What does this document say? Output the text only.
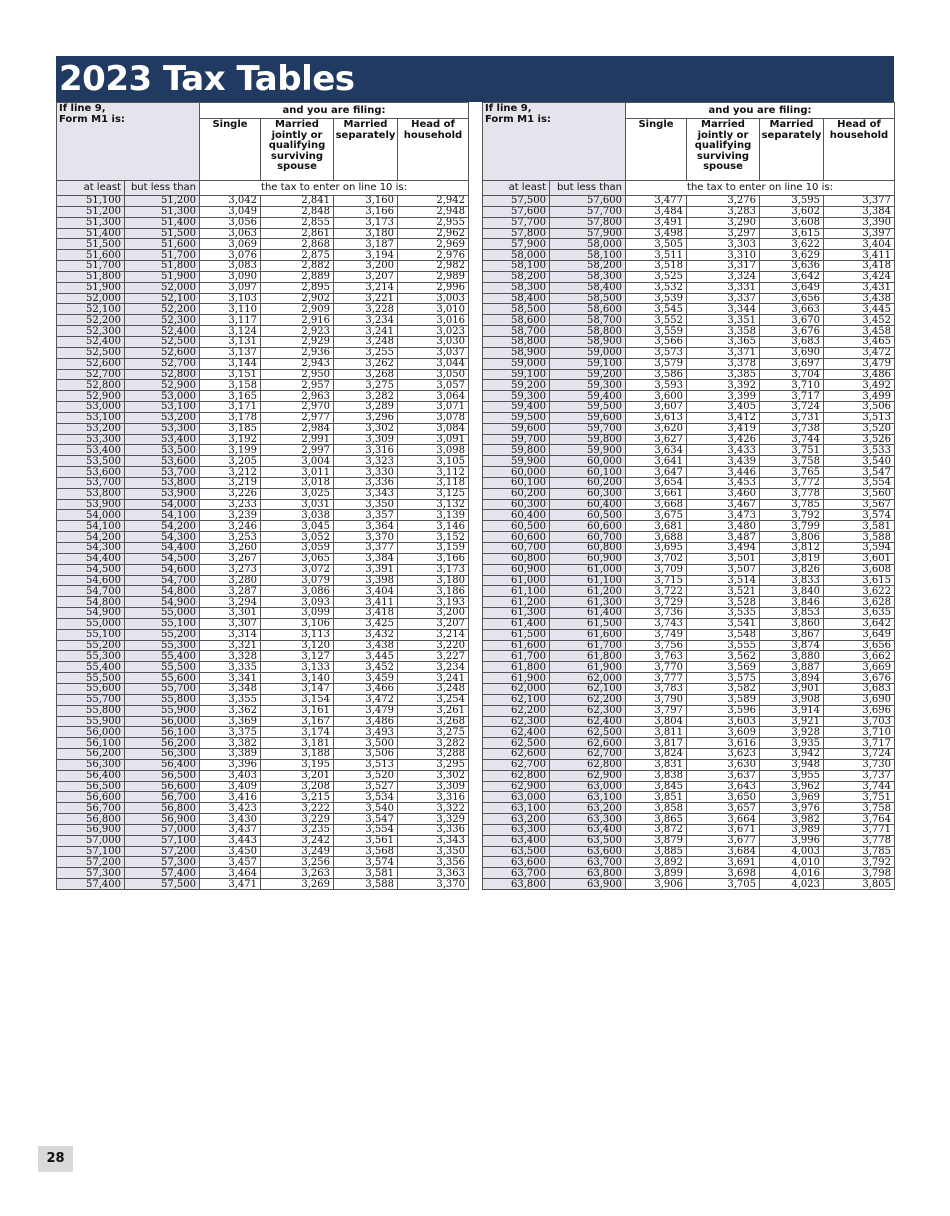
2023 Tax Tables
If line 9,
Form M1 is:		and you are filing:			
		Single	Married
jointly or
qualifying
surviving
spouse	Married
separately	Head of
household
at least	but less than	the tax to enter on line 10 is:			
51,100	51,200	3,042	2,841	3,160	2,942
51,200	51,300	3,049	2,848	3,166	2,948
51,300	51,400	3,056	2,855	3,173	2,955
51,400	51,500	3,063	2,861	3,180	2,962
51,500	51,600	3,069	2,868	3,187	2,969
51,600	51,700	3,076	2,875	3,194	2,976
51,700	51,800	3,083	2,882	3,200	2,982
51,800	51,900	3,090	2,889	3,207	2,989
51,900	52,000	3,097	2,895	3,214	2,996
52,000	52,100	3,103	2,902	3,221	3,003
52,100	52,200	3,110	2,909	3,228	3,010
52,200	52,300	3,117	2,916	3,234	3,016
52,300	52,400	3,124	2,923	3,241	3,023
52,400	52,500	3,131	2,929	3,248	3,030
52,500	52,600	3,137	2,936	3,255	3,037
52,600	52,700	3,144	2,943	3,262	3,044
52,700	52,800	3,151	2,950	3,268	3,050
52,800	52,900	3,158	2,957	3,275	3,057
52,900	53,000	3,165	2,963	3,282	3,064
53,000	53,100	3,171	2,970	3,289	3,071
53,100	53,200	3,178	2,977	3,296	3,078
53,200	53,300	3,185	2,984	3,302	3,084
53,300	53,400	3,192	2,991	3,309	3,091
53,400	53,500	3,199	2,997	3,316	3,098
53,500	53,600	3,205	3,004	3,323	3,105
53,600	53,700	3,212	3,011	3,330	3,112
53,700	53,800	3,219	3,018	3,336	3,118
53,800	53,900	3,226	3,025	3,343	3,125
53,900	54,000	3,233	3,031	3,350	3,132
54,000	54,100	3,239	3,038	3,357	3,139
54,100	54,200	3,246	3,045	3,364	3,146
54,200	54,300	3,253	3,052	3,370	3,152
54,300	54,400	3,260	3,059	3,377	3,159
54,400	54,500	3,267	3,065	3,384	3,166
54,500	54,600	3,273	3,072	3,391	3,173
54,600	54,700	3,280	3,079	3,398	3,180
54,700	54,800	3,287	3,086	3,404	3,186
54,800	54,900	3,294	3,093	3,411	3,193
54,900	55,000	3,301	3,099	3,418	3,200
55,000	55,100	3,307	3,106	3,425	3,207
55,100	55,200	3,314	3,113	3,432	3,214
55,200	55,300	3,321	3,120	3,438	3,220
55,300	55,400	3,328	3,127	3,445	3,227
55,400	55,500	3,335	3,133	3,452	3,234
55,500	55,600	3,341	3,140	3,459	3,241
55,600	55,700	3,348	3,147	3,466	3,248
55,700	55,800	3,355	3,154	3,472	3,254
55,800	55,900	3,362	3,161	3,479	3,261
55,900	56,000	3,369	3,167	3,486	3,268
56,000	56,100	3,375	3,174	3,493	3,275
56,100	56,200	3,382	3,181	3,500	3,282
56,200	56,300	3,389	3,188	3,506	3,288
56,300	56,400	3,396	3,195	3,513	3,295
56,400	56,500	3,403	3,201	3,520	3,302
56,500	56,600	3,409	3,208	3,527	3,309
56,600	56,700	3,416	3,215	3,534	3,316
56,700	56,800	3,423	3,222	3,540	3,322
56,800	56,900	3,430	3,229	3,547	3,329
56,900	57,000	3,437	3,235	3,554	3,336
57,000	57,100	3,443	3,242	3,561	3,343
57,100	57,200	3,450	3,249	3,568	3,350
57,200	57,300	3,457	3,256	3,574	3,356
57,300	57,400	3,464	3,263	3,581	3,363
57,400	57,500	3,471	3,269	3,588	3,370
If line 9,
Form M1 is:		and you are filing:			
		Single	Married
jointly or
qualifying
surviving
spouse	Married
separately	Head of
household
at least	but less than	the tax to enter on line 10 is:			
57,500	57,600	3,477	3,276	3,595	3,377
57,600	57,700	3,484	3,283	3,602	3,384
57,700	57,800	3,491	3,290	3,608	3,390
57,800	57,900	3,498	3,297	3,615	3,397
57,900	58,000	3,505	3,303	3,622	3,404
58,000	58,100	3,511	3,310	3,629	3,411
58,100	58,200	3,518	3,317	3,636	3,418
58,200	58,300	3,525	3,324	3,642	3,424
58,300	58,400	3,532	3,331	3,649	3,431
58,400	58,500	3,539	3,337	3,656	3,438
58,500	58,600	3,545	3,344	3,663	3,445
58,600	58,700	3,552	3,351	3,670	3,452
58,700	58,800	3,559	3,358	3,676	3,458
58,800	58,900	3,566	3,365	3,683	3,465
58,900	59,000	3,573	3,371	3,690	3,472
59,000	59,100	3,579	3,378	3,697	3,479
59,100	59,200	3,586	3,385	3,704	3,486
59,200	59,300	3,593	3,392	3,710	3,492
59,300	59,400	3,600	3,399	3,717	3,499
59,400	59,500	3,607	3,405	3,724	3,506
59,500	59,600	3,613	3,412	3,731	3,513
59,600	59,700	3,620	3,419	3,738	3,520
59,700	59,800	3,627	3,426	3,744	3,526
59,800	59,900	3,634	3,433	3,751	3,533
59,900	60,000	3,641	3,439	3,758	3,540
60,000	60,100	3,647	3,446	3,765	3,547
60,100	60,200	3,654	3,453	3,772	3,554
60,200	60,300	3,661	3,460	3,778	3,560
60,300	60,400	3,668	3,467	3,785	3,567
60,400	60,500	3,675	3,473	3,792	3,574
60,500	60,600	3,681	3,480	3,799	3,581
60,600	60,700	3,688	3,487	3,806	3,588
60,700	60,800	3,695	3,494	3,812	3,594
60,800	60,900	3,702	3,501	3,819	3,601
60,900	61,000	3,709	3,507	3,826	3,608
61,000	61,100	3,715	3,514	3,833	3,615
61,100	61,200	3,722	3,521	3,840	3,622
61,200	61,300	3,729	3,528	3,846	3,628
61,300	61,400	3,736	3,535	3,853	3,635
61,400	61,500	3,743	3,541	3,860	3,642
61,500	61,600	3,749	3,548	3,867	3,649
61,600	61,700	3,756	3,555	3,874	3,656
61,700	61,800	3,763	3,562	3,880	3,662
61,800	61,900	3,770	3,569	3,887	3,669
61,900	62,000	3,777	3,575	3,894	3,676
62,000	62,100	3,783	3,582	3,901	3,683
62,100	62,200	3,790	3,589	3,908	3,690
62,200	62,300	3,797	3,596	3,914	3,696
62,300	62,400	3,804	3,603	3,921	3,703
62,400	62,500	3,811	3,609	3,928	3,710
62,500	62,600	3,817	3,616	3,935	3,717
62,600	62,700	3,824	3,623	3,942	3,724
62,700	62,800	3,831	3,630	3,948	3,730
62,800	62,900	3,838	3,637	3,955	3,737
62,900	63,000	3,845	3,643	3,962	3,744
63,000	63,100	3,851	3,650	3,969	3,751
63,100	63,200	3,858	3,657	3,976	3,758
63,200	63,300	3,865	3,664	3,982	3,764
63,300	63,400	3,872	3,671	3,989	3,771
63,400	63,500	3,879	3,677	3,996	3,778
63,500	63,600	3,885	3,684	4,003	3,785
63,600	63,700	3,892	3,691	4,010	3,792
63,700	63,800	3,899	3,698	4,016	3,798
63,800	63,900	3,906	3,705	4,023	3,805
28
